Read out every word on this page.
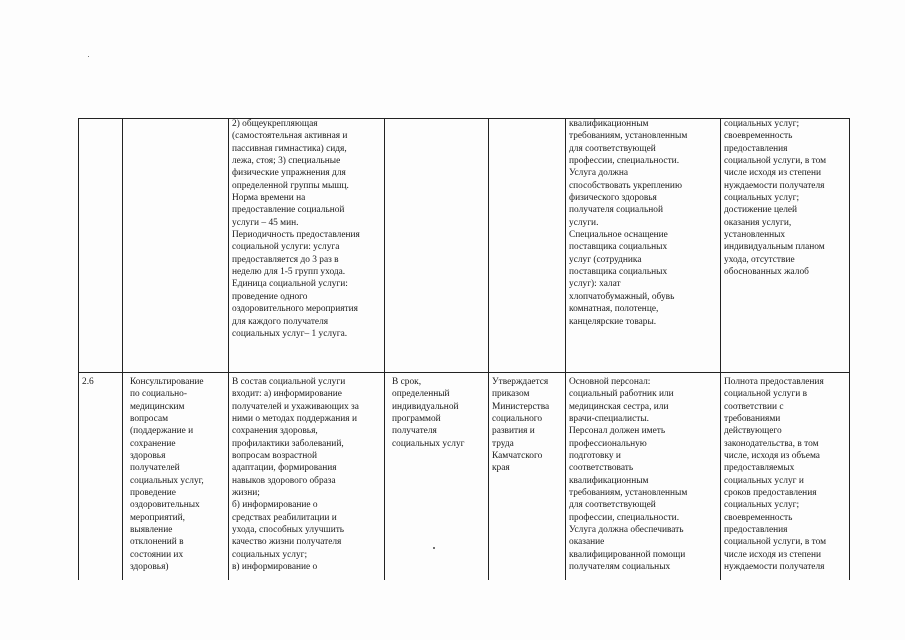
2) общеукрепляющая
(самостоятельная активная и
пассивная гимнастика) сидя,
лежа, стоя; 3) специальные
физические упражнения для
определенной группы мышц.
Норма времени на
предоставление социальной
услуги – 45 мин.
Периодичность предоставления
социальной услуги: услуга
предоставляется до 3 раз в
неделю для 1-5 групп ухода.
Единица социальной услуги:
проведение одного
оздоровительного мероприятия
для каждого получателя
социальных услуг– 1 услуга.
квалификационным
требованиям, установленным
для соответствующей
профессии, специальности.
Услуга должна
способствовать укреплению
физического здоровья
получателя социальной
услуги.
Специальное оснащение
поставщика социальных
услуг (сотрудника
поставщика социальных
услуг): халат
хлопчатобумажный, обувь
комнатная, полотенце,
канцелярские товары.
социальных услуг;
своевременность
предоставления
социальной услуги, в том
числе исходя из степени
нуждаемости получателя
социальных услуг;
достижение целей
оказания услуги,
установленных
индивидуальным планом
ухода, отсутствие
обоснованных жалоб
2.6	Консультирование
по социально-
медицинским
вопросам
(поддержание и
сохранение
здоровья
получателей
социальных услуг,
проведение
оздоровительных
мероприятий,
выявление
отклонений в
состоянии их
здоровья)
В состав социальной услуги
входит: а) информирование
получателей и ухаживающих за
ними о методах поддержания и
сохранения здоровья,
профилактики заболеваний,
вопросам возрастной
адаптации, формирования
навыков здорового образа
жизни;
б) информирование о
средствах реабилитации и
ухода, способных улучшить
качество жизни получателя
социальных услуг;
в) информирование о
В срок,
определенный
индивидуальной
программой
получателя
социальных услуг
Утверждается
приказом
Министерства
социального
развития и
труда
Камчатского
края
Основной персонал:
социальный работник или
медицинская сестра, или
врачи-специалисты.
Персонал должен иметь
профессиональную
подготовку и
соответствовать
квалификационным
требованиям, установленным
для соответствующей
профессии, специальности.
Услуга должна обеспечивать
оказание
квалифицированной помощи
получателям социальных
Полнота предоставления
социальной услуги в
соответствии с
требованиями
действующего
законодательства, в том
числе, исходя из объема
предоставляемых
социальных услуг и
сроков предоставления
социальных услуг;
своевременность
предоставления
социальной услуги, в том
числе исходя из степени
нуждаемости получателя
